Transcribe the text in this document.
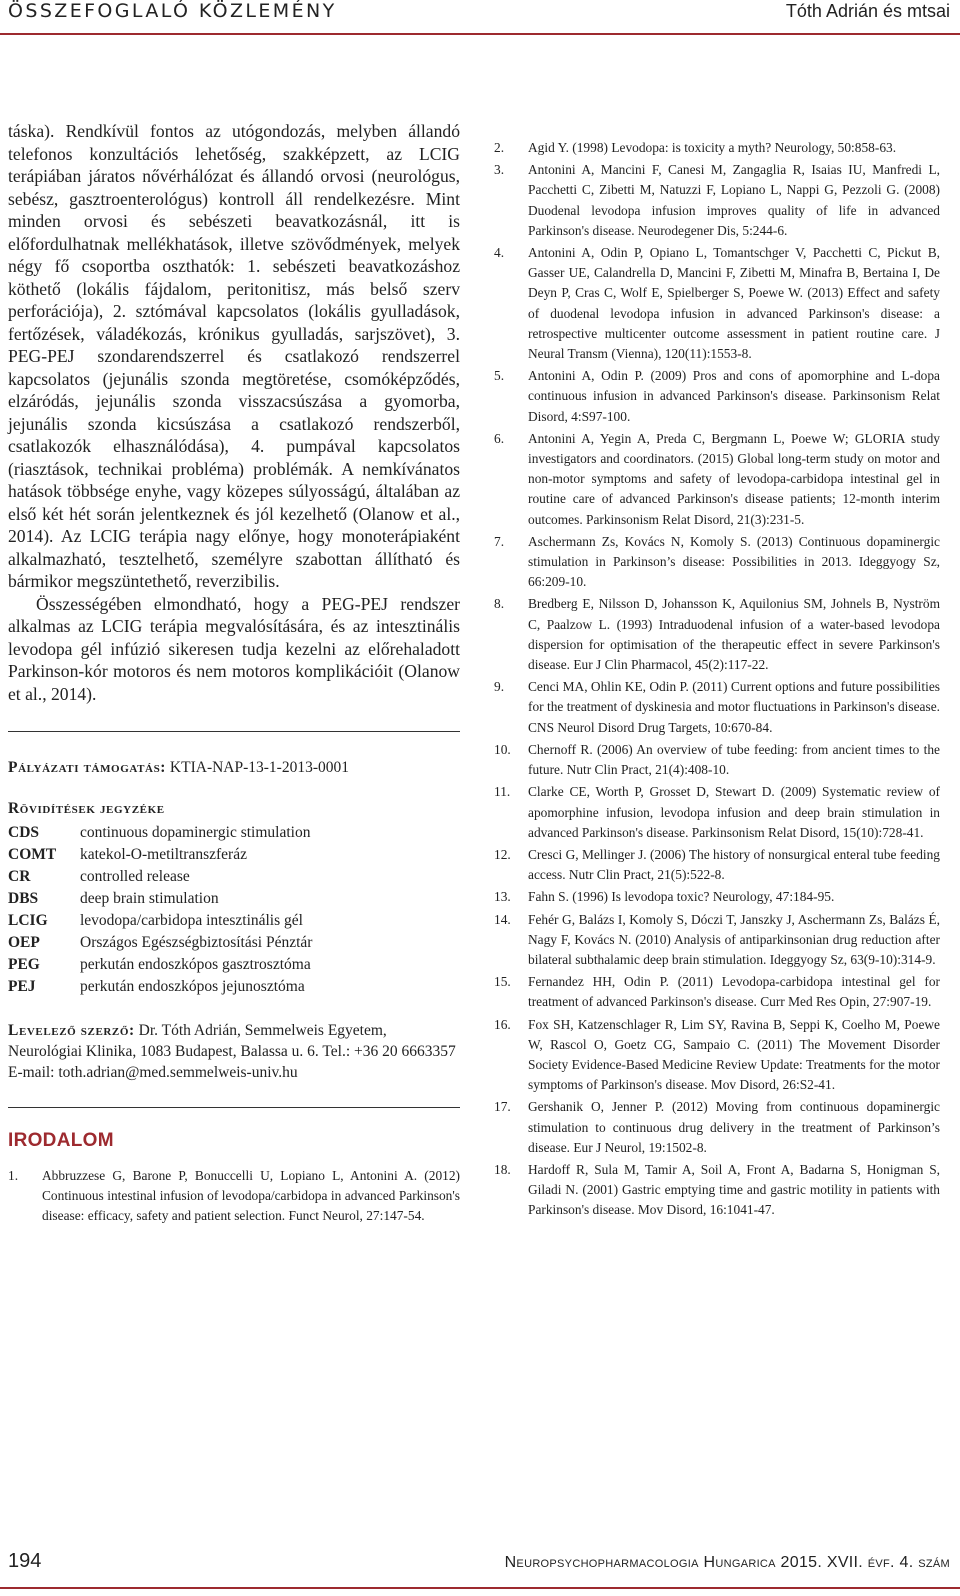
ÖSSZEFOGLALÓ KÖZLEMÉNY	Tóth Adrián és mtsai

táska). Rendkívül fontos az utógondozás, melyben állandó telefonos konzultációs lehetőség, szakképzett, az LCIG terápiában járatos nővérhálózat és állandó orvosi (neurológus, sebész, gasztroenterológus) kontroll áll rendelkezésre. Mint minden orvosi és sebészeti beavatkozásnál, itt is előfordulhatnak mellékhatások, illetve szövődmények, melyek négy fő csoportba oszthatók: 1. sebészeti beavatkozáshoz köthető (lokális fájdalom, peritonitisz, más belső szerv perforációja), 2. sztómával kapcsolatos (lokális gyulladások, fertőzések, váladékozás, krónikus gyulladás, sarjszövet), 3. PEG-PEJ szondarendszerrel és csatlakozó rendszerrel kapcsolatos (jejunális szonda megtöretése, csomóképződés, elzáródás, jejunális szonda visszacsúszása a gyomorba, jejunális szonda kicsúszása a csatlakozó rendszerből, csatlakozók elhasználódása), 4. pumpával kapcsolatos (riasztások, technikai probléma) problémák. A nemkívánatos hatások többsége enyhe, vagy közepes súlyosságú, általában az első két hét során jelentkeznek és jól kezelhető (Olanow et al., 2014). Az LCIG terápia nagy előnye, hogy monoterápiaként alkalmazható, tesztelhető, személyre szabottan állítható és bármikor megszüntethető, reverzibilis.

Összességében elmondható, hogy a PEG-PEJ rendszer alkalmas az LCIG terápia megvalósítására, és az intesztinális levodopa gél infúzió sikeresen tudja kezelni az előrehaladott Parkinson-kór motoros és nem motoros komplikációit (Olanow et al., 2014).

Pályázati támogatás: KTIA-NAP-13-1-2013-0001
Rövidítések jegyzéke
CDS	continuous dopaminergic stimulation
COMT	katekol-O-metiltranszferáz
CR	controlled release
DBS	deep brain stimulation
LCIG	levodopa/carbidopa intesztinális gél
OEP	Országos Egészségbiztosítási Pénztár
PEG	perkután endoszkópos gasztrosztóma
PEJ	perkután endoszkópos jejunosztóma
Levelező szerző: Dr. Tóth Adrián, Semmelweis Egyetem, Neurológiai Klinika, 1083 Budapest, Balassa u. 6. Tel.: +36 20 6663357
E-mail: toth.adrian@med.semmelweis-univ.hu
IRODALOM
1.	Abbruzzese G, Barone P, Bonuccelli U, Lopiano L, Antonini A. (2012) Continuous intestinal infusion of levodopa/carbidopa in advanced Parkinson's disease: efficacy, safety and patient selection. Funct Neurol, 27:147-54.
2.	Agid Y. (1998) Levodopa: is toxicity a myth? Neurology, 50:858-63.
3.	Antonini A, Mancini F, Canesi M, Zangaglia R, Isaias IU, Manfredi L, Pacchetti C, Zibetti M, Natuzzi F, Lopiano L, Nappi G, Pezzoli G. (2008) Duodenal levodopa infusion improves quality of life in advanced Parkinson's disease. Neurodegener Dis, 5:244-6.
4.	Antonini A, Odin P, Opiano L, Tomantschger V, Pacchetti C, Pickut B, Gasser UE, Calandrella D, Mancini F, Zibetti M, Minafra B, Bertaina I, De Deyn P, Cras C, Wolf E, Spielberger S, Poewe W. (2013) Effect and safety of duodenal levodopa infusion in advanced Parkinson's disease: a retrospective multicenter outcome assessment in patient routine care. J Neural Transm (Vienna), 120(11):1553-8.
5.	Antonini A, Odin P. (2009) Pros and cons of apomorphine and L-dopa continuous infusion in advanced Parkinson's disease. Parkinsonism Relat Disord, 4:S97-100.
6.	Antonini A, Yegin A, Preda C, Bergmann L, Poewe W; GLORIA study investigators and coordinators. (2015) Global long-term study on motor and non-motor symptoms and safety of levodopa-carbidopa intestinal gel in routine care of advanced Parkinson's disease patients; 12-month interim outcomes. Parkinsonism Relat Disord, 21(3):231-5.
7.	Aschermann Zs, Kovács N, Komoly S. (2013) Continuous dopaminergic stimulation in Parkinson’s disease: Possibilities in 2013. Ideggyogy Sz, 66:209-10.
8.	Bredberg E, Nilsson D, Johansson K, Aquilonius SM, Johnels B, Nyström C, Paalzow L. (1993) Intraduodenal infusion of a water-based levodopa dispersion for optimisation of the therapeutic effect in severe Parkinson's disease. Eur J Clin Pharmacol, 45(2):117-22.
9.	Cenci MA, Ohlin KE, Odin P. (2011) Current options and future possibilities for the treatment of dyskinesia and motor fluctuations in Parkinson's disease. CNS Neurol Disord Drug Targets, 10:670-84.
10.	Chernoff R. (2006) An overview of tube feeding: from ancient times to the future. Nutr Clin Pract, 21(4):408-10.
11.	Clarke CE, Worth P, Grosset D, Stewart D. (2009) Systematic review of apomorphine infusion, levodopa infusion and deep brain stimulation in advanced Parkinson's disease. Parkinsonism Relat Disord, 15(10):728-41.
12.	Cresci G, Mellinger J. (2006) The history of nonsurgical enteral tube feeding access. Nutr Clin Pract, 21(5):522-8.
13.	Fahn S. (1996) Is levodopa toxic? Neurology, 47:184-95.
14.	Fehér G, Balázs I, Komoly S, Dóczi T, Janszky J, Aschermann Zs, Balázs É, Nagy F, Kovács N. (2010) Analysis of antiparkinsonian drug reduction after bilateral subthalamic deep brain stimulation. Ideggyogy Sz, 63(9-10):314-9.
15.	Fernandez HH, Odin P. (2011) Levodopa-carbidopa intestinal gel for treatment of advanced Parkinson's disease. Curr Med Res Opin, 27:907-19.
16.	Fox SH, Katzenschlager R, Lim SY, Ravina B, Seppi K, Coelho M, Poewe W, Rascol O, Goetz CG, Sampaio C. (2011) The Movement Disorder Society Evidence-Based Medicine Review Update: Treatments for the motor symptoms of Parkinson's disease. Mov Disord, 26:S2-41.
17.	Gershanik O, Jenner P. (2012) Moving from continuous dopaminergic stimulation to continuous drug delivery in the treatment of Parkinson’s disease. Eur J Neurol, 19:1502-8.
18.	Hardoff R, Sula M, Tamir A, Soil A, Front A, Badarna S, Honigman S, Giladi N. (2001) Gastric emptying time and gastric motility in patients with Parkinson's disease. Mov Disord, 16:1041-47.
194	Neuropsychopharmacologia Hungarica 2015. XVII. évf. 4. szám
